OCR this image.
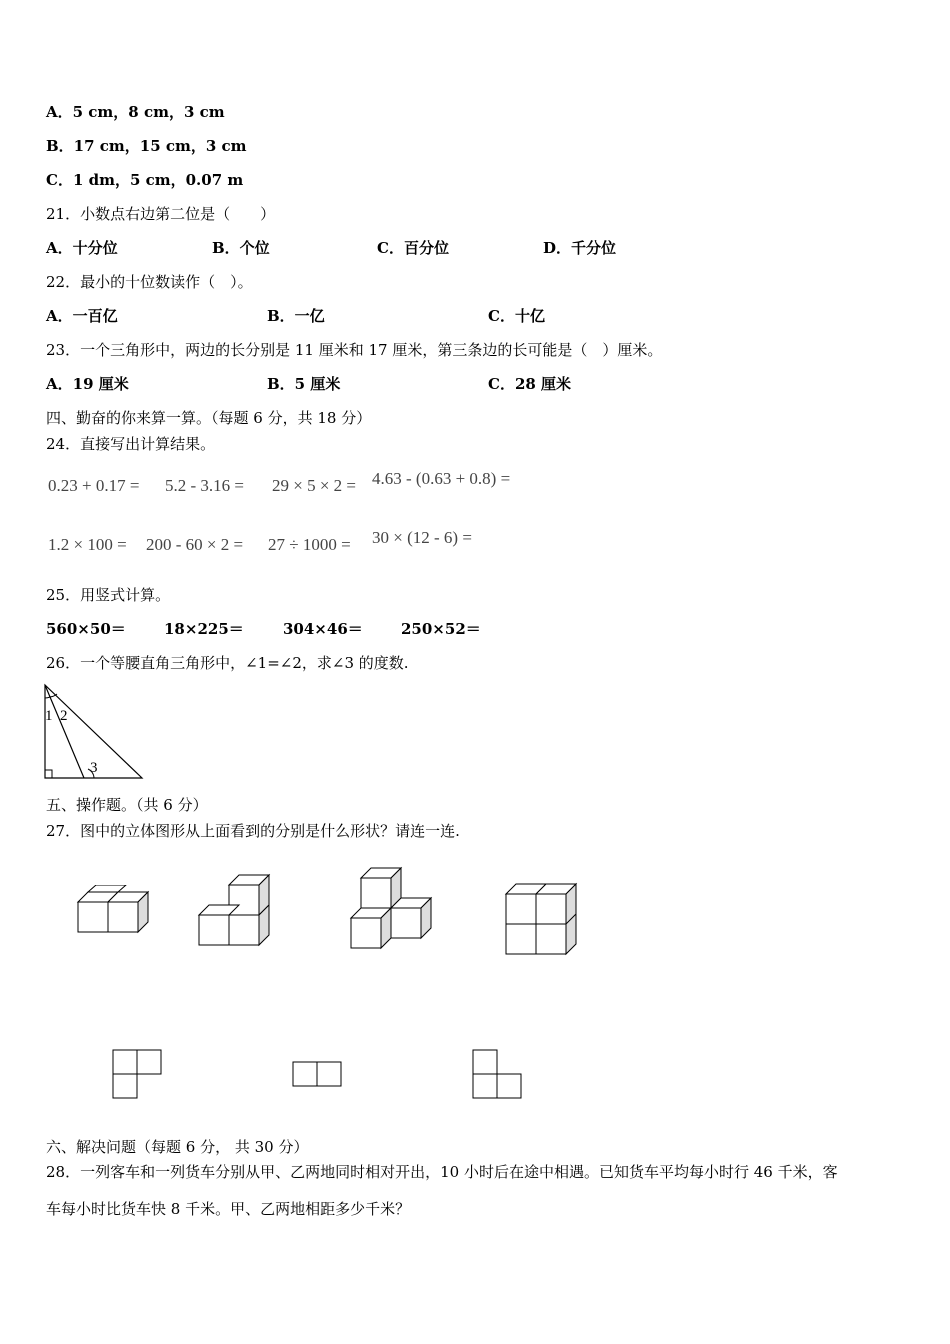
A．5 cm，8 cm，3 cm
B．17 cm，15 cm，3 cm
C．1 dm，5 cm，0.07 m
21．小数点右边第二位是（　　）
A．十分位	B．个位	C．百分位	D．千分位
22．最小的十位数读作（　）。
A．一百亿	B．一亿	C．十亿
23．一个三角形中，两边的长分别是 11 厘米和 17 厘米，第三条边的长可能是（　）厘米。
A．19 厘米	B．5 厘米	C．28 厘米
四、勤奋的你来算一算。（每题 6 分，共 18 分）
24．直接写出计算结果。
0.23 + 0.17 = 5.2 - 3.16 = 29 × 5 × 2 = 4.63 - (0.63 + 0.8) =
1.2 × 100 = 200 - 60 × 2 = 27 ÷ 1000 = 30 × (12 - 6) =
25．用竖式计算。
560×50＝	18×225＝	304×46＝	250×52＝
26．一个等腰直角三角形中，∠1=∠2，求∠3 的度数.
1 2
3
五、操作题。（共 6 分）
27．图中的立体图形从上面看到的分别是什么形状？请连一连.
六、解决问题（每题 6 分， 共 30 分）
28．一列客车和一列货车分别从甲、乙两地同时相对开出，10 小时后在途中相遇。已知货车平均每小时行 46 千米，客
车每小时比货车快 8 千米。甲、乙两地相距多少千米？
